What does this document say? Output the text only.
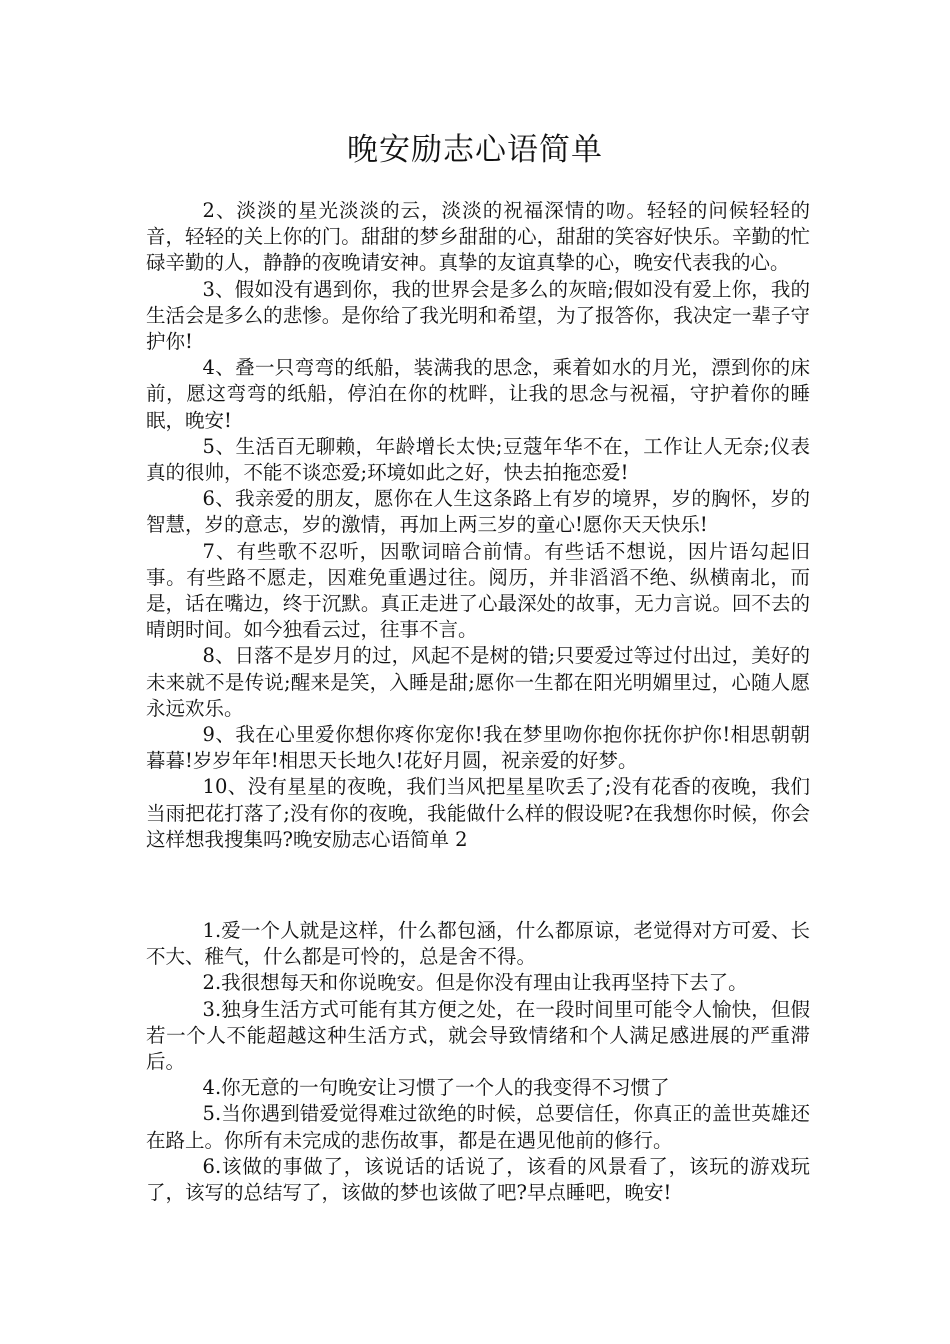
晚安励志心语简单

2、淡淡的星光淡淡的云，淡淡的祝福深情的吻。轻轻的问候轻轻的音，轻轻的关上你的门。甜甜的梦乡甜甜的心，甜甜的笑容好快乐。辛勤的忙碌辛勤的人，静静的夜晚请安神。真挚的友谊真挚的心，晚安代表我的心。

3、假如没有遇到你，我的世界会是多么的灰暗;假如没有爱上你，我的生活会是多么的悲惨。是你给了我光明和希望，为了报答你，我决定一辈子守护你!

4、叠一只弯弯的纸船，装满我的思念，乘着如水的月光，漂到你的床前，愿这弯弯的纸船，停泊在你的枕畔，让我的思念与祝福，守护着你的睡眠，晚安!

5、生活百无聊赖，年龄增长太快;豆蔻年华不在，工作让人无奈;仪表真的很帅，不能不谈恋爱;环境如此之好，快去拍拖恋爱!

6、我亲爱的朋友，愿你在人生这条路上有岁的境界，岁的胸怀，岁的智慧，岁的意志，岁的激情，再加上两三岁的童心!愿你天天快乐!

7、有些歌不忍听，因歌词暗合前情。有些话不想说，因片语勾起旧事。有些路不愿走，因难免重遇过往。阅历，并非滔滔不绝、纵横南北，而是，话在嘴边，终于沉默。真正走进了心最深处的故事，无力言说。回不去的晴朗时间。如今独看云过，往事不言。

8、日落不是岁月的过，风起不是树的错;只要爱过等过付出过，美好的未来就不是传说;醒来是笑，入睡是甜;愿你一生都在阳光明媚里过，心随人愿永远欢乐。

9、我在心里爱你想你疼你宠你!我在梦里吻你抱你抚你护你!相思朝朝暮暮!岁岁年年!相思天长地久!花好月圆，祝亲爱的好梦。

10、没有星星的夜晚，我们当风把星星吹丢了;没有花香的夜晚，我们当雨把花打落了;没有你的夜晚，我能做什么样的假设呢?在我想你时候，你会这样想我搜集吗?晚安励志心语简单 2

1.爱一个人就是这样，什么都包涵，什么都原谅，老觉得对方可爱、长不大、稚气，什么都是可怜的，总是舍不得。

2.我很想每天和你说晚安。但是你没有理由让我再坚持下去了。

3.独身生活方式可能有其方便之处，在一段时间里可能令人愉快，但假若一个人不能超越这种生活方式，就会导致情绪和个人满足感进展的严重滞后。

4.你无意的一句晚安让习惯了一个人的我变得不习惯了

5.当你遇到错爱觉得难过欲绝的时候，总要信任，你真正的盖世英雄还在路上。你所有未完成的悲伤故事，都是在遇见他前的修行。

6.该做的事做了，该说话的话说了，该看的风景看了，该玩的游戏玩了，该写的总结写了，该做的梦也该做了吧?早点睡吧，晚安!
